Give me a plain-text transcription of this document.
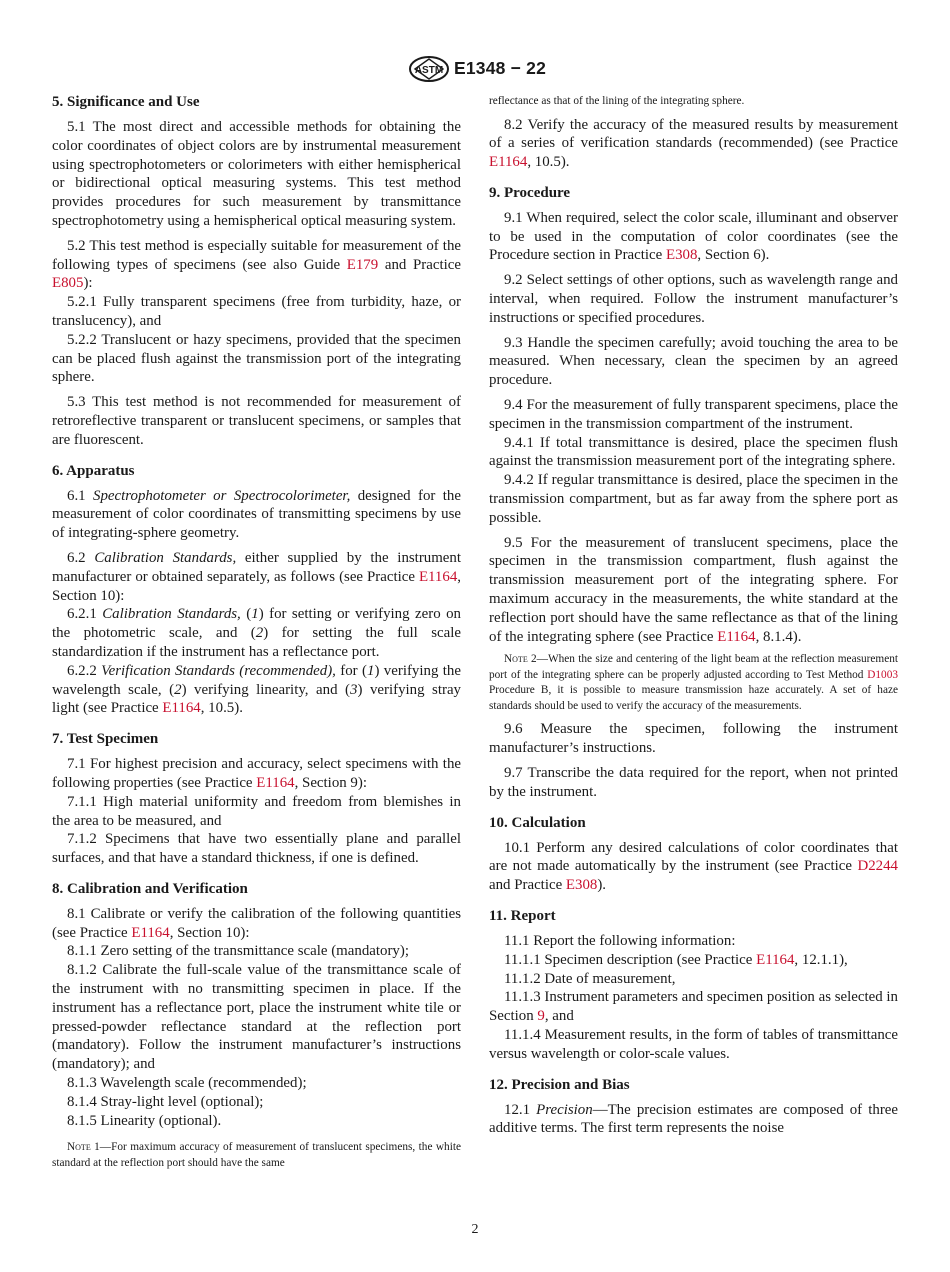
ASTM E1348 − 22
5. Significance and Use

5.1 The most direct and accessible methods for obtaining the color coordinates of object colors are by instrumental measurement using spectrophotometers or colorimeters with either hemispherical or bidirectional optical measuring systems. This test method provides procedures for such measurement by transmittance spectrophotometry using a hemispherical optical measuring system.

5.2 This test method is especially suitable for measurement of the following types of specimens (see also Guide E179 and Practice E805):

5.2.1 Fully transparent specimens (free from turbidity, haze, or translucency), and

5.2.2 Translucent or hazy specimens, provided that the specimen can be placed flush against the transmission port of the integrating sphere.

5.3 This test method is not recommended for measurement of retroreflective transparent or translucent specimens, or samples that are fluorescent.

6. Apparatus

6.1 Spectrophotometer or Spectrocolorimeter, designed for the measurement of color coordinates of transmitting specimens by use of integrating-sphere geometry.

6.2 Calibration Standards, either supplied by the instrument manufacturer or obtained separately, as follows (see Practice E1164, Section 10):

6.2.1 Calibration Standards, (1) for setting or verifying zero on the photometric scale, and (2) for setting the full scale standardization if the instrument has a reflectance port.

6.2.2 Verification Standards (recommended), for (1) verifying the wavelength scale, (2) verifying linearity, and (3) verifying stray light (see Practice E1164, 10.5).

7. Test Specimen

7.1 For highest precision and accuracy, select specimens with the following properties (see Practice E1164, Section 9):

7.1.1 High material uniformity and freedom from blemishes in the area to be measured, and

7.1.2 Specimens that have two essentially plane and parallel surfaces, and that have a standard thickness, if one is defined.

8. Calibration and Verification

8.1 Calibrate or verify the calibration of the following quantities (see Practice E1164, Section 10):

8.1.1 Zero setting of the transmittance scale (mandatory);

8.1.2 Calibrate the full-scale value of the transmittance scale of the instrument with no transmitting specimen in place. If the instrument has a reflectance port, place the instrument white tile or pressed-powder reflectance standard at the reflection port (mandatory). Follow the instrument manufacturer’s instructions (mandatory); and

8.1.3 Wavelength scale (recommended);

8.1.4 Stray-light level (optional);

8.1.5 Linearity (optional).

Note 1—For maximum accuracy of measurement of translucent specimens, the white standard at the reflection port should have the same

reflectance as that of the lining of the integrating sphere.

8.2 Verify the accuracy of the measured results by measurement of a series of verification standards (recommended) (see Practice E1164, 10.5).

9. Procedure

9.1 When required, select the color scale, illuminant and observer to be used in the computation of color coordinates (see the Procedure section in Practice E308, Section 6).

9.2 Select settings of other options, such as wavelength range and interval, when required. Follow the instrument manufacturer’s instructions or specified procedures.

9.3 Handle the specimen carefully; avoid touching the area to be measured. When necessary, clean the specimen by an agreed procedure.

9.4 For the measurement of fully transparent specimens, place the specimen in the transmission compartment of the instrument.

9.4.1 If total transmittance is desired, place the specimen flush against the transmission measurement port of the integrating sphere.

9.4.2 If regular transmittance is desired, place the specimen in the transmission compartment, but as far away from the sphere port as possible.

9.5 For the measurement of translucent specimens, place the specimen in the transmission compartment, flush against the transmission measurement port of the integrating sphere. For maximum accuracy in the measurements, the white standard at the reflection port should have the same reflectance as that of the lining of the integrating sphere (see Practice E1164, 8.1.4).

Note 2—When the size and centering of the light beam at the reflection measurement port of the integrating sphere can be properly adjusted according to Test Method D1003 Procedure B, it is possible to measure transmission haze accurately. A set of haze standards should be used to verify the accuracy of the measurements.

9.6 Measure the specimen, following the instrument manufacturer’s instructions.

9.7 Transcribe the data required for the report, when not printed by the instrument.

10. Calculation

10.1 Perform any desired calculations of color coordinates that are not made automatically by the instrument (see Practice D2244 and Practice E308).

11. Report

11.1 Report the following information:

11.1.1 Specimen description (see Practice E1164, 12.1.1),

11.1.2 Date of measurement,

11.1.3 Instrument parameters and specimen position as selected in Section 9, and

11.1.4 Measurement results, in the form of tables of transmittance versus wavelength or color-scale values.

12. Precision and Bias

12.1 Precision—The precision estimates are composed of three additive terms. The first term represents the noise

2
